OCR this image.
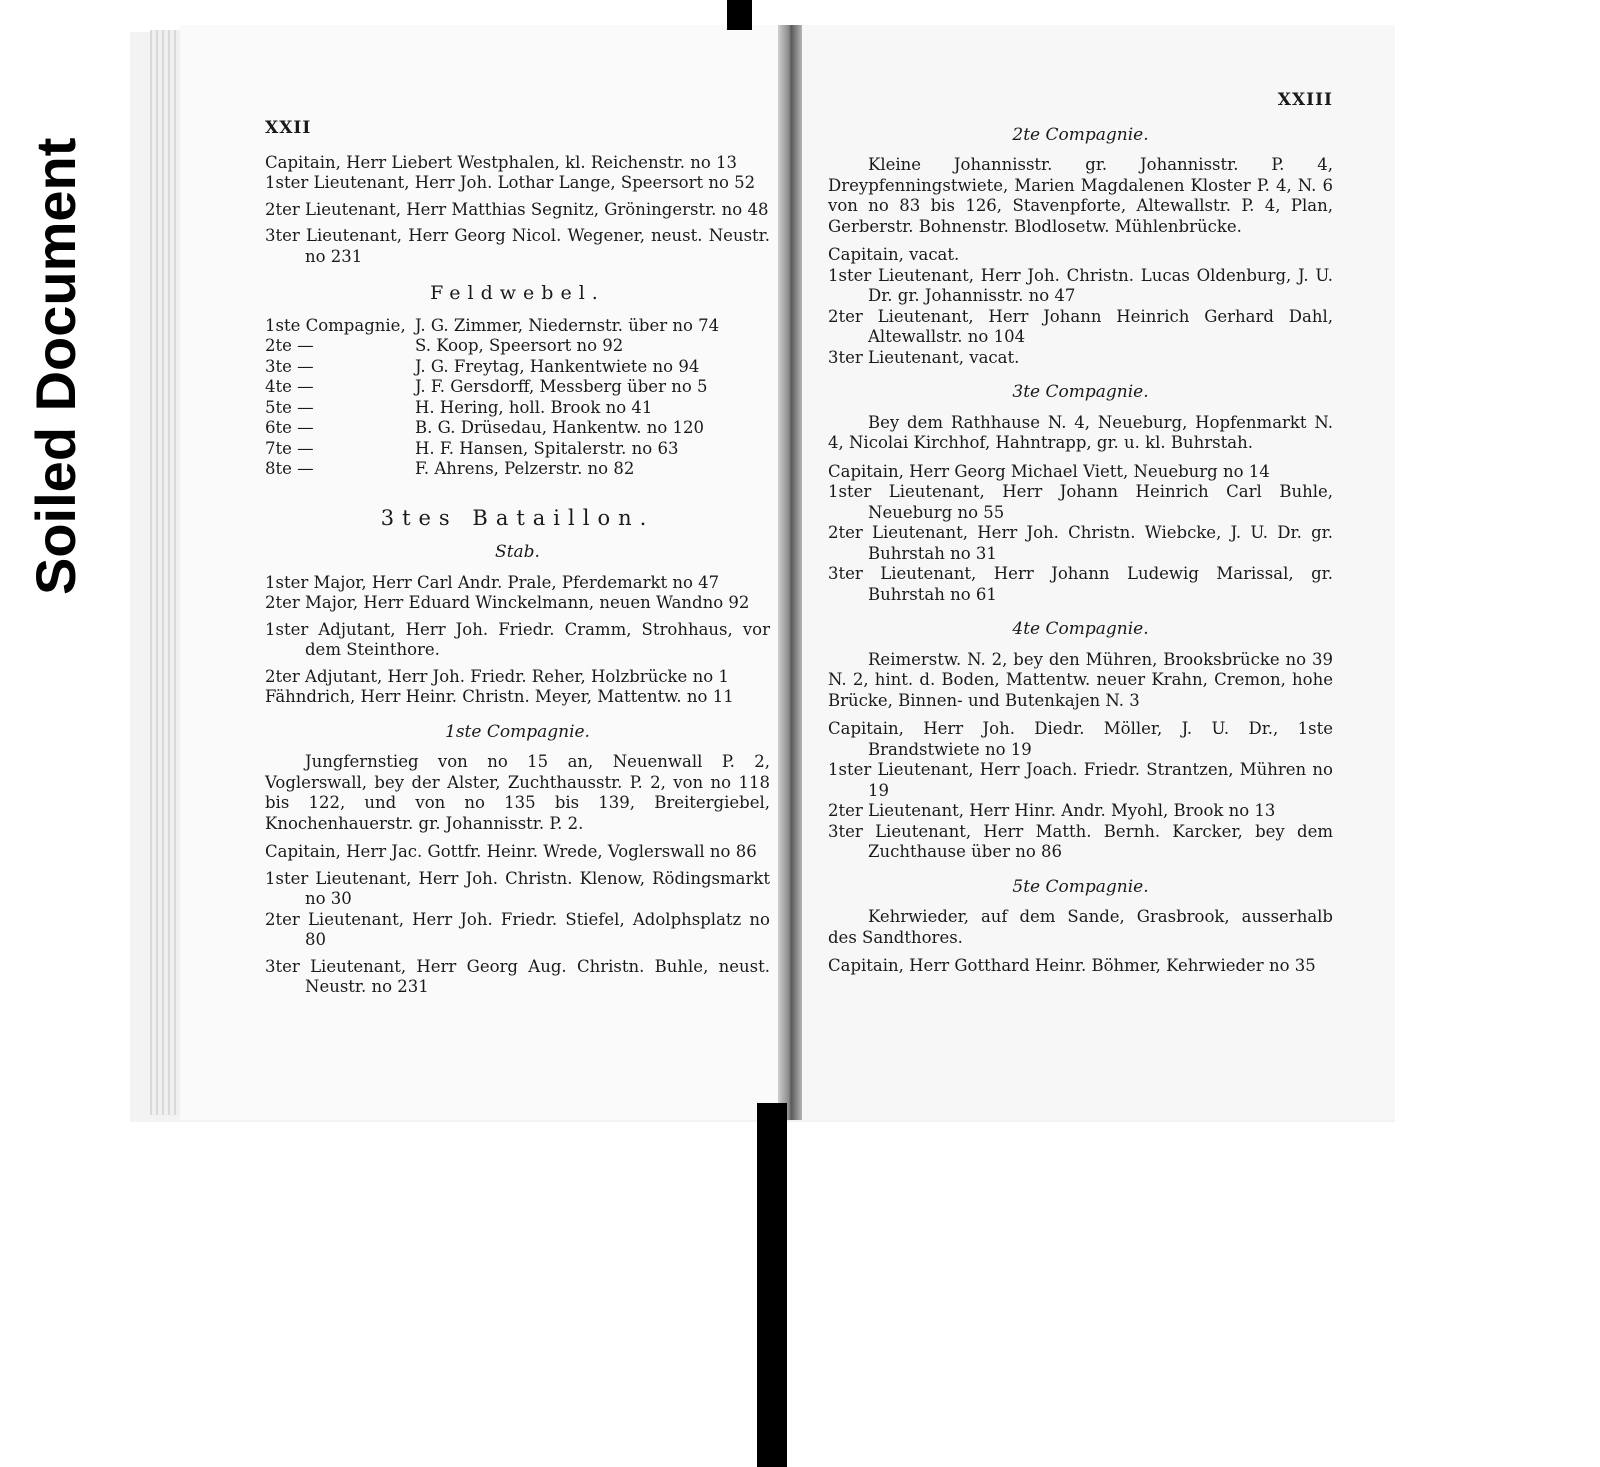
Soiled Document
XXII
Capitain, Herr Liebert Westphalen, kl. Reichenstr. no 13
1ster Lieutenant, Herr Joh. Lothar Lange, Speersort no 52
2ter Lieutenant, Herr Matthias Segnitz, Gröningerstr. no 48
3ter Lieutenant, Herr Georg Nicol. Wegener, neust. Neustr. no 231
Feldwebel.
1ste Compagnie, J. G. Zimmer, Niedernstr. über no 74
2te —	S. Koop, Speersort no 92
3te —	J. G. Freytag, Hankentwiete no 94
4te —	J. F. Gersdorff, Messberg über no 5
5te —	H. Hering, holl. Brook no 41
6te —	B. G. Drüsedau, Hankentw. no 120
7te —	H. F. Hansen, Spitalerstr. no 63
8te —	F. Ahrens, Pelzerstr. no 82
3tes Bataillon.
Stab.
1ster Major, Herr Carl Andr. Prale, Pferdemarkt no 47
2ter Major, Herr Eduard Winckelmann, neuen Wandno 92
1ster Adjutant, Herr Joh. Friedr. Cramm, Strohhaus, vor dem Steinthore.
2ter Adjutant, Herr Joh. Friedr. Reher, Holzbrücke no 1
Fähndrich, Herr Heinr. Christn. Meyer, Mattentw. no 11
1ste Compagnie.
Jungfernstieg von no 15 an, Neuenwall P. 2, Voglerswall, bey der Alster, Zuchthausstr. P. 2, von no 118 bis 122, und von no 135 bis 139, Breitergiebel, Knochenhauerstr. gr. Johannisstr. P. 2.
Capitain, Herr Jac. Gottfr. Heinr. Wrede, Voglerswall no 86
1ster Lieutenant, Herr Joh. Christn. Klenow, Rödingsmarkt no 30
2ter Lieutenant, Herr Joh. Friedr. Stiefel, Adolphsplatz no 80
3ter Lieutenant, Herr Georg Aug. Christn. Buhle, neust. Neustr. no 231
XXIII
2te Compagnie.
Kleine Johannisstr. gr. Johannisstr. P. 4, Dreypfenningstwiete, Marien Magdalenen Kloster P. 4, N. 6 von no 83 bis 126, Stavenpforte, Altewallstr. P. 4, Plan, Gerberstr. Bohnenstr. Blodlosetw. Mühlenbrücke.
Capitain, vacat.
1ster Lieutenant, Herr Joh. Christn. Lucas Oldenburg, J. U. Dr. gr. Johannisstr. no 47
2ter Lieutenant, Herr Johann Heinrich Gerhard Dahl, Altewallstr. no 104
3ter Lieutenant, vacat.
3te Compagnie.
Bey dem Rathhause N. 4, Neueburg, Hopfenmarkt N. 4, Nicolai Kirchhof, Hahntrapp, gr. u. kl. Buhrstah.
Capitain, Herr Georg Michael Viett, Neueburg no 14
1ster Lieutenant, Herr Johann Heinrich Carl Buhle, Neueburg no 55
2ter Lieutenant, Herr Joh. Christn. Wiebcke, J. U. Dr. gr. Buhrstah no 31
3ter Lieutenant, Herr Johann Ludewig Marissal, gr. Buhrstah no 61
4te Compagnie.
Reimerstw. N. 2, bey den Mühren, Brooksbrücke no 39 N. 2, hint. d. Boden, Mattentw. neuer Krahn, Cremon, hohe Brücke, Binnen- und Butenkajen N. 3
Capitain, Herr Joh. Diedr. Möller, J. U. Dr., 1ste Brandstwiete no 19
1ster Lieutenant, Herr Joach. Friedr. Strantzen, Mühren no 19
2ter Lieutenant, Herr Hinr. Andr. Myohl, Brook no 13
3ter Lieutenant, Herr Matth. Bernh. Karcker, bey dem Zuchthause über no 86
5te Compagnie.
Kehrwieder, auf dem Sande, Grasbrook, ausserhalb des Sandthores.
Capitain, Herr Gotthard Heinr. Böhmer, Kehrwieder no 35
